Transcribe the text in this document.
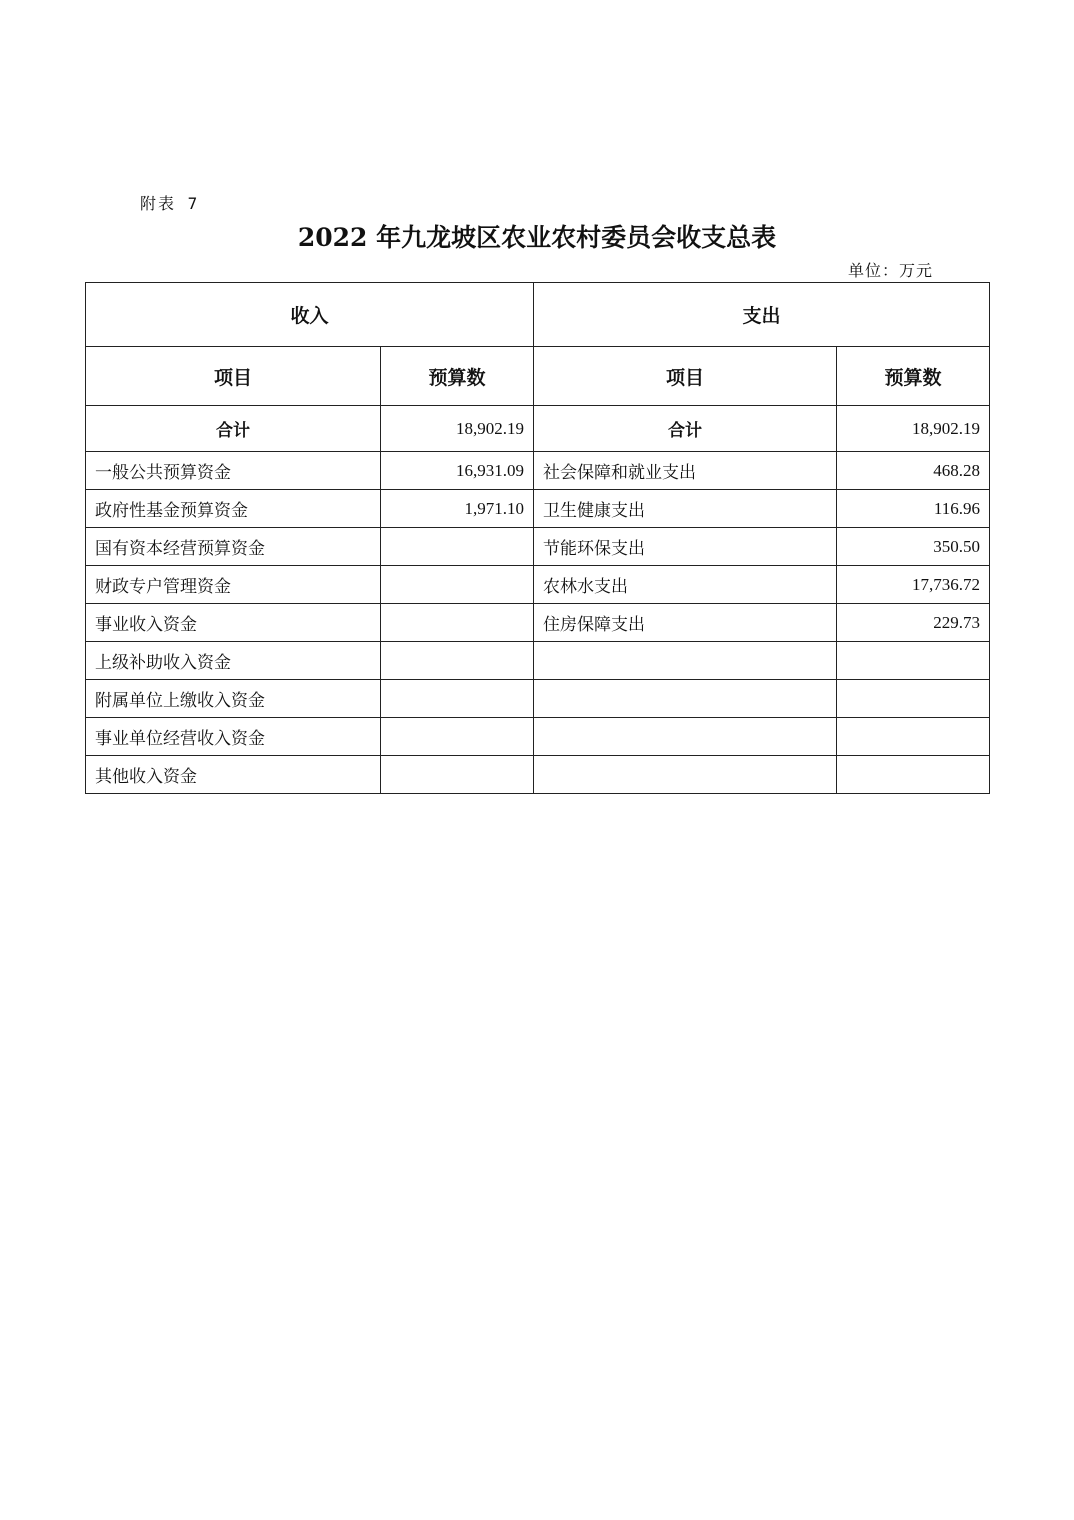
附表 7
2022 年九龙坡区农业农村委员会收支总表
单位：万元
收入		支出	
项目	预算数	项目	预算数
合计	18,902.19	合计	18,902.19
一般公共预算资金	16,931.09	社会保障和就业支出	468.28
政府性基金预算资金	1,971.10	卫生健康支出	116.96
国有资本经营预算资金		节能环保支出	350.50
财政专户管理资金		农林水支出	17,736.72
事业收入资金		住房保障支出	229.73
上级补助收入资金			
附属单位上缴收入资金			
事业单位经营收入资金			
其他收入资金			
